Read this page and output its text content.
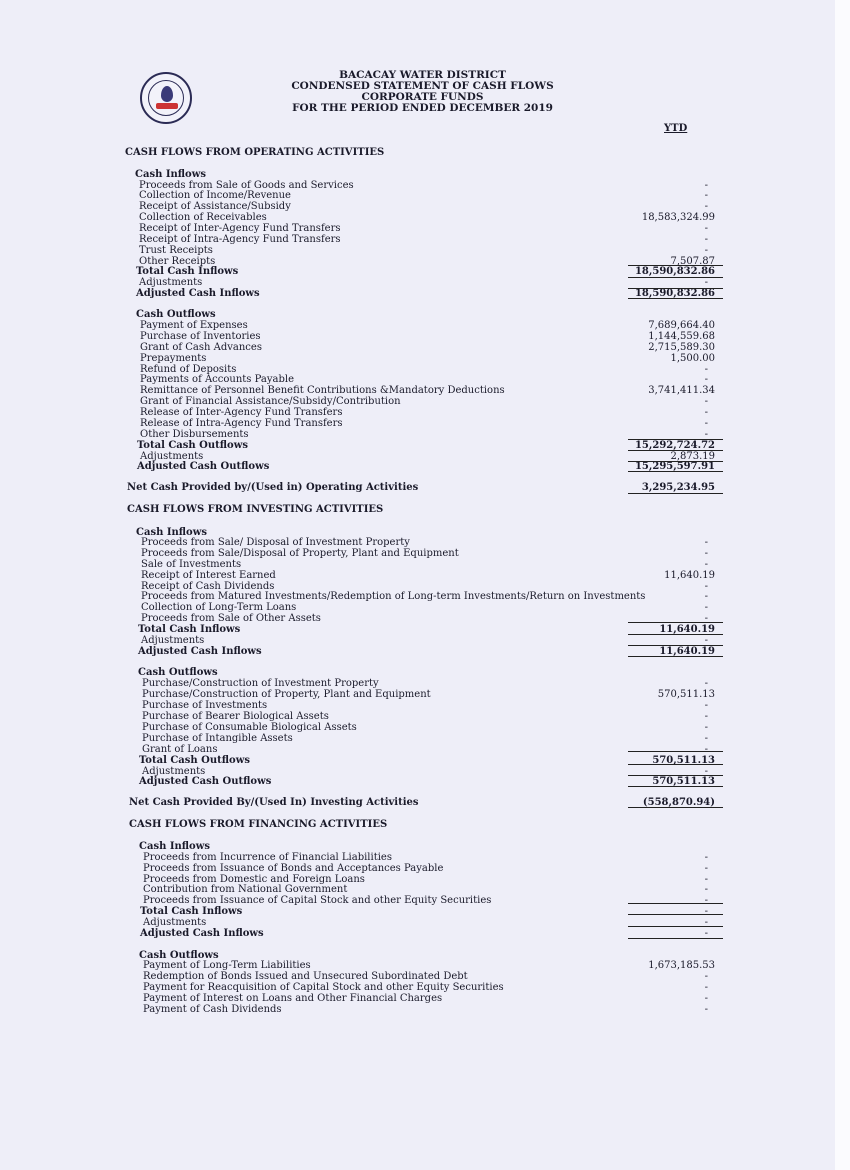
BACACAY WATER DISTRICT
CONDENSED STATEMENT OF CASH FLOWS
CORPORATE FUNDS
FOR THE PERIOD ENDED DECEMBER 2019
YTD
CASH FLOWS FROM OPERATING ACTIVITIES
Cash Inflows
Proceeds from Sale of Goods and Services	-
Collection of Income/Revenue	-
Receipt of Assistance/Subsidy	-
Collection of Receivables	18,583,324.99
Receipt of Inter-Agency Fund Transfers	-
Receipt of Intra-Agency Fund Transfers	-
Trust Receipts	-
Other Receipts	7,507.87
Total Cash Inflows	18,590,832.86
Adjustments	-
Adjusted Cash Inflows	18,590,832.86
Cash Outflows
Payment of Expenses	7,689,664.40
Purchase of Inventories	1,144,559.68
Grant of Cash Advances	2,715,589.30
Prepayments	1,500.00
Refund of Deposits	-
Payments of Accounts Payable	-
Remittance of Personnel Benefit Contributions &Mandatory Deductions	3,741,411.34
Grant of Financial Assistance/Subsidy/Contribution	-
Release of Inter-Agency Fund Transfers	-
Release of Intra-Agency Fund Transfers	-
Other Disbursements	-
Total Cash Outflows	15,292,724.72
Adjustments	2,873.19
Adjusted Cash Outflows	15,295,597.91
Net Cash Provided by/(Used in) Operating Activities	3,295,234.95
CASH FLOWS FROM INVESTING ACTIVITIES
Cash Inflows
Proceeds from Sale/ Disposal of Investment Property	-
Proceeds from Sale/Disposal of Property, Plant and Equipment	-
Sale of Investments	-
Receipt of Interest Earned	11,640.19
Receipt of Cash Dividends	-
Proceeds from Matured Investments/Redemption of Long-term Investments/Return on Investments	-
Collection of Long-Term Loans	-
Proceeds from Sale of Other Assets	-
Total Cash Inflows	11,640.19
Adjustments	-
Adjusted Cash Inflows	11,640.19
Cash Outflows
Purchase/Construction of Investment Property	-
Purchase/Construction of Property, Plant and Equipment	570,511.13
Purchase of Investments	-
Purchase of Bearer Biological Assets	-
Purchase of Consumable Biological Assets	-
Purchase of Intangible Assets	-
Grant of Loans	-
Total Cash Outflows	570,511.13
Adjustments	-
Adjusted Cash Outflows	570,511.13
Net Cash Provided By/(Used In) Investing Activities	(558,870.94)
CASH FLOWS FROM FINANCING ACTIVITIES
Cash Inflows
Proceeds from Incurrence of Financial Liabilities	-
Proceeds from Issuance of Bonds and Acceptances Payable	-
Proceeds from Domestic and Foreign Loans	-
Contribution from National Government	-
Proceeds from Issuance of Capital Stock and other Equity Securities	-
Total Cash Inflows	-
Adjustments	-
Adjusted Cash Inflows	-
Cash Outflows
Payment of Long-Term Liabilities	1,673,185.53
Redemption of Bonds Issued and Unsecured Subordinated Debt	-
Payment for Reacquisition of Capital Stock and other Equity Securities	-
Payment of Interest on Loans and Other Financial Charges	-
Payment of Cash Dividends	-
